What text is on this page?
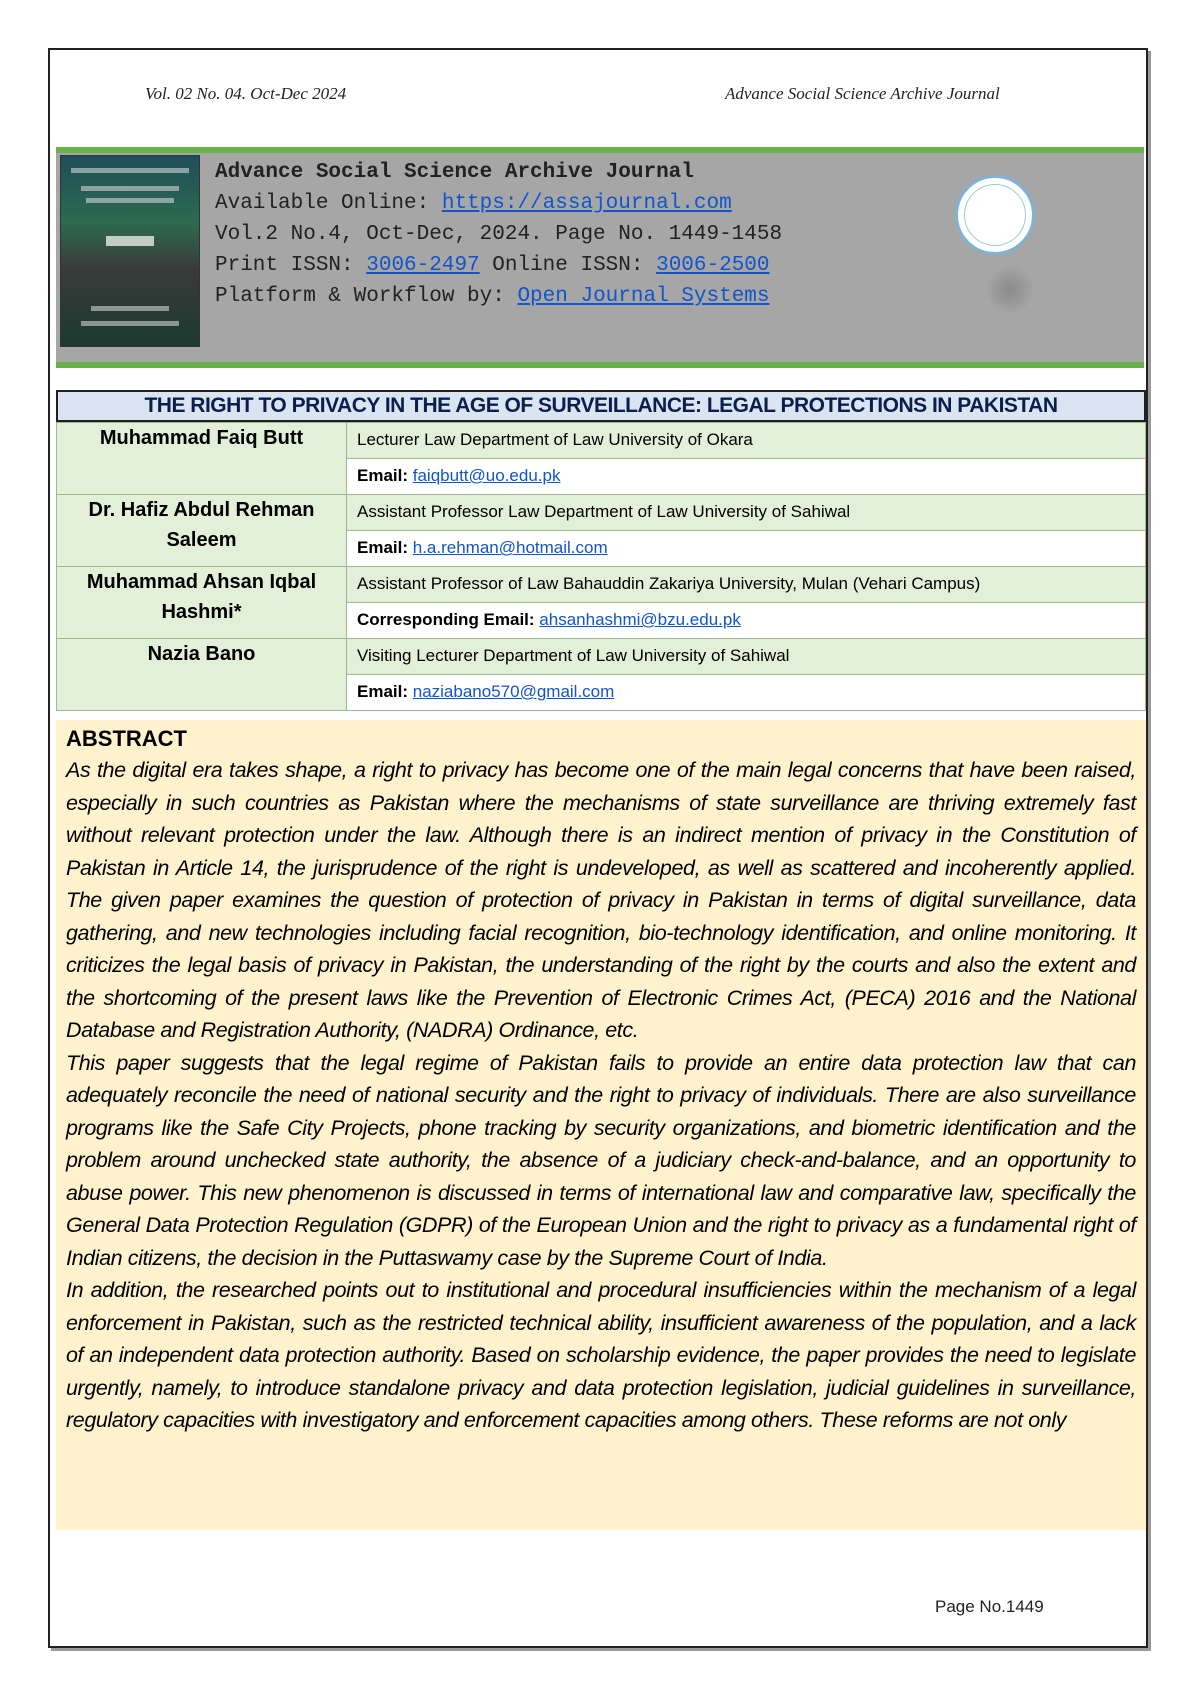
Vol. 02 No. 04. Oct-Dec 2024	Advance Social Science Archive Journal
Advance Social Science Archive Journal
Available Online: https://assajournal.com
Vol.2 No.4, Oct-Dec, 2024. Page No. 1449-1458
Print ISSN: 3006-2497 Online ISSN: 3006-2500
Platform & Workflow by: Open Journal Systems
THE RIGHT TO PRIVACY IN THE AGE OF SURVEILLANCE: LEGAL PROTECTIONS IN PAKISTAN
Muhammad Faiq Butt	Lecturer Law Department of Law University of Okara
	Email: faiqbutt@uo.edu.pk
Dr. Hafiz Abdul Rehman Saleem	Assistant Professor Law Department of Law University of Sahiwal
	Email: h.a.rehman@hotmail.com
Muhammad Ahsan Iqbal Hashmi*	Assistant Professor of Law Bahauddin Zakariya University, Mulan (Vehari Campus)
	Corresponding Email: ahsanhashmi@bzu.edu.pk
Nazia Bano	Visiting Lecturer Department of Law University of Sahiwal
	Email: naziabano570@gmail.com
ABSTRACT

As the digital era takes shape, a right to privacy has become one of the main legal concerns that have been raised, especially in such countries as Pakistan where the mechanisms of state surveillance are thriving extremely fast without relevant protection under the law. Although there is an indirect mention of privacy in the Constitution of Pakistan in Article 14, the jurisprudence of the right is undeveloped, as well as scattered and incoherently applied. The given paper examines the question of protection of privacy in Pakistan in terms of digital surveillance, data gathering, and new technologies including facial recognition, bio-technology identification, and online monitoring. It criticizes the legal basis of privacy in Pakistan, the understanding of the right by the courts and also the extent and the shortcoming of the present laws like the Prevention of Electronic Crimes Act, (PECA) 2016 and the National Database and Registration Authority, (NADRA) Ordinance, etc.

This paper suggests that the legal regime of Pakistan fails to provide an entire data protection law that can adequately reconcile the need of national security and the right to privacy of individuals. There are also surveillance programs like the Safe City Projects, phone tracking by security organizations, and biometric identification and the problem around unchecked state authority, the absence of a judiciary check-and-balance, and an opportunity to abuse power. This new phenomenon is discussed in terms of international law and comparative law, specifically the General Data Protection Regulation (GDPR) of the European Union and the right to privacy as a fundamental right of Indian citizens, the decision in the Puttaswamy case by the Supreme Court of India.

In addition, the researched points out to institutional and procedural insufficiencies within the mechanism of a legal enforcement in Pakistan, such as the restricted technical ability, insufficient awareness of the population, and a lack of an independent data protection authority. Based on scholarship evidence, the paper provides the need to legislate urgently, namely, to introduce standalone privacy and data protection legislation, judicial guidelines in surveillance, regulatory capacities with investigatory and enforcement capacities among others. These reforms are not only

Page No.1449
